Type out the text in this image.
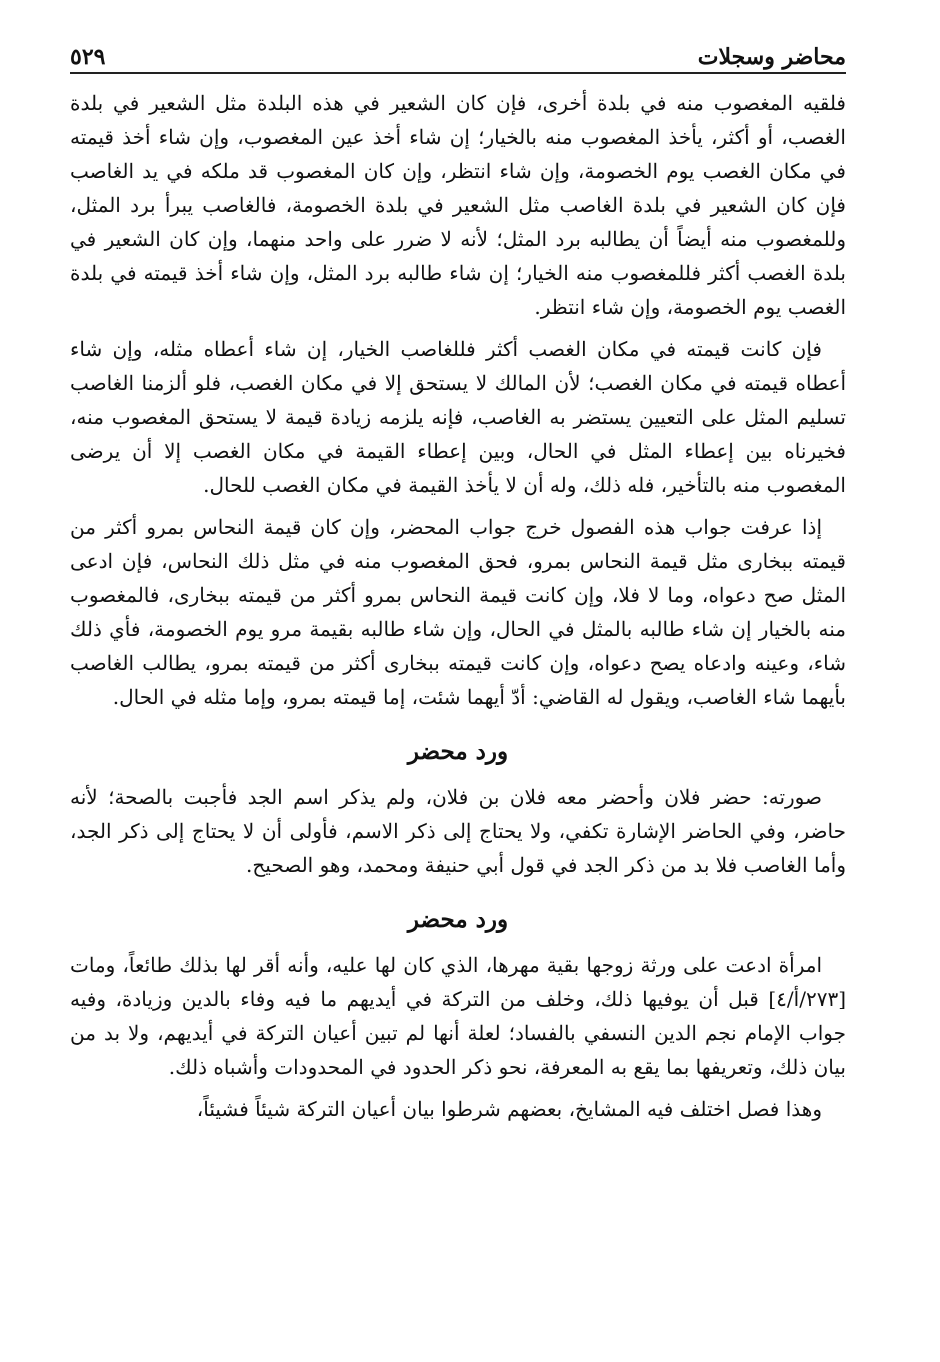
محاضر وسجلات
٥٢٩

فلقيه المغصوب منه في بلدة أخرى، فإن كان الشعير في هذه البلدة مثل الشعير في بلدة الغصب، أو أكثر، يأخذ المغصوب منه بالخيار؛ إن شاء أخذ عين المغصوب، وإن شاء أخذ قيمته في مكان الغصب يوم الخصومة، وإن شاء انتظر، وإن كان المغصوب قد ملكه في يد الغاصب فإن كان الشعير في بلدة الغاصب مثل الشعير في بلدة الخصومة، فالغاصب يبرأ برد المثل، وللمغصوب منه أيضاً أن يطالبه برد المثل؛ لأنه لا ضرر على واحد منهما، وإن كان الشعير في بلدة الغصب أكثر فللمغصوب منه الخيار؛ إن شاء طالبه برد المثل، وإن شاء أخذ قيمته في بلدة الغصب يوم الخصومة، وإن شاء انتظر.

فإن كانت قيمته في مكان الغصب أكثر فللغاصب الخيار، إن شاء أعطاه مثله، وإن شاء أعطاه قيمته في مكان الغصب؛ لأن المالك لا يستحق إلا في مكان الغصب، فلو ألزمنا الغاصب تسليم المثل على التعيين يستضر به الغاصب، فإنه يلزمه زيادة قيمة لا يستحق المغصوب منه، فخيرناه بين إعطاء المثل في الحال، وبين إعطاء القيمة في مكان الغصب إلا أن يرضى المغصوب منه بالتأخير، فله ذلك، وله أن لا يأخذ القيمة في مكان الغصب للحال.

إذا عرفت جواب هذه الفصول خرج جواب المحضر، وإن كان قيمة النحاس بمرو أكثر من قيمته ببخارى مثل قيمة النحاس بمرو، فحق المغصوب منه في مثل ذلك النحاس، فإن ادعى المثل صح دعواه، وما لا فلا، وإن كانت قيمة النحاس بمرو أكثر من قيمته ببخارى، فالمغصوب منه بالخيار إن شاء طالبه بالمثل في الحال، وإن شاء طالبه بقيمة مرو يوم الخصومة، فأي ذلك شاء، وعينه وادعاه يصح دعواه، وإن كانت قيمته ببخارى أكثر من قيمته بمرو، يطالب الغاصب بأيهما شاء الغاصب، ويقول له القاضي: أدّ أيهما شئت، إما قيمته بمرو، وإما مثله في الحال.

ورد محضر

صورته: حضر فلان وأحضر معه فلان بن فلان، ولم يذكر اسم الجد فأجبت بالصحة؛ لأنه حاضر، وفي الحاضر الإشارة تكفي، ولا يحتاج إلى ذكر الاسم، فأولى أن لا يحتاج إلى ذكر الجد، وأما الغاصب فلا بد من ذكر الجد في قول أبي حنيفة ومحمد، وهو الصحيح.

ورد محضر

امرأة ادعت على ورثة زوجها بقية مهرها، الذي كان لها عليه، وأنه أقر لها بذلك طائعاً، ومات [٢٧٣/أ/٤] قبل أن يوفيها ذلك، وخلف من التركة في أيديهم ما فيه وفاء بالدين وزيادة، وفيه جواب الإمام نجم الدين النسفي بالفساد؛ لعلة أنها لم تبين أعيان التركة في أيديهم، ولا بد من بيان ذلك، وتعريفها بما يقع به المعرفة، نحو ذكر الحدود في المحدودات وأشباه ذلك.

وهذا فصل اختلف فيه المشايخ، بعضهم شرطوا بيان أعيان التركة شيئاً فشيئاً،
